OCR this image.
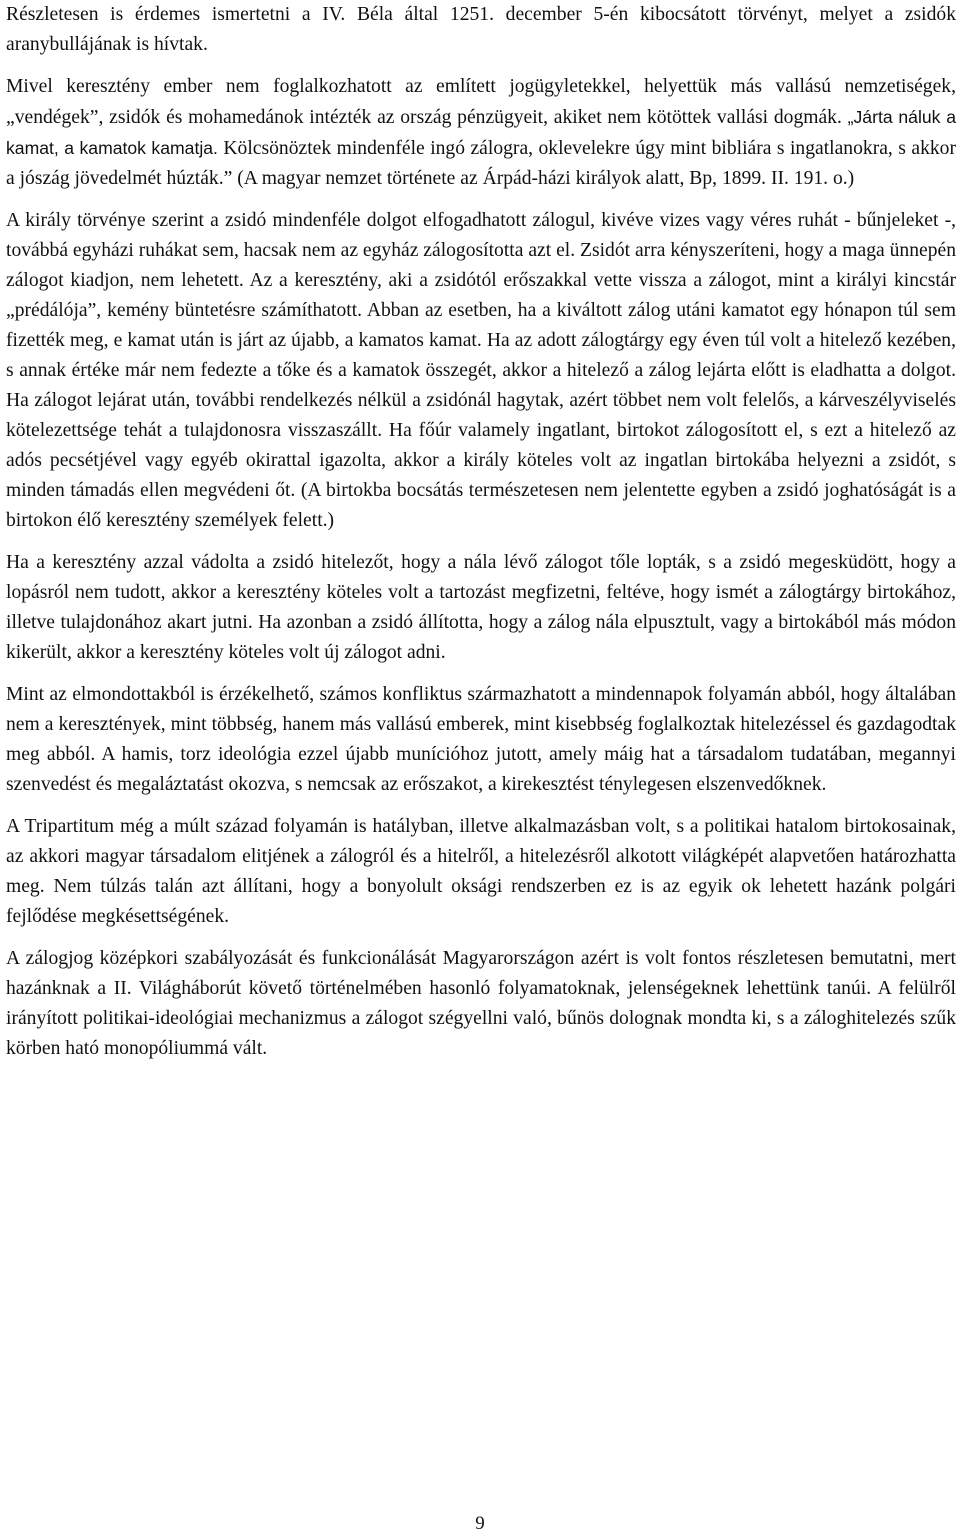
Részletesen is érdemes ismertetni a IV. Béla által 1251. december 5-én kibocsátott törvényt, melyet a zsidók aranybullájának is hívtak.

Mivel keresztény ember nem foglalkozhatott az említett jogügyletekkel, helyettük más vallású nemzetiségek, „vendégek”, zsidók és mohamedánok intézték az ország pénzügyeit, akiket nem kötöttek vallási dogmák. „Járta náluk a kamat, a kamatok kamatja. Kölcsönöztek mindenféle ingó zálogra, oklevelekre úgy mint bibliára s ingatlanokra, s akkor a jószág jövedelmét húzták.” (A magyar nemzet története az Árpád-házi királyok alatt, Bp, 1899. II. 191. o.)

A király törvénye szerint a zsidó mindenféle dolgot elfogadhatott zálogul, kivéve vizes vagy véres ruhát - bűnjeleket -, továbbá egyházi ruhákat sem, hacsak nem az egyház zálogosította azt el. Zsidót arra kényszeríteni, hogy a maga ünnepén zálogot kiadjon, nem lehetett. Az a keresztény, aki a zsidótól erőszakkal vette vissza a zálogot, mint a királyi kincstár „prédálója”, kemény büntetésre számíthatott. Abban az esetben, ha a kiváltott zálog utáni kamatot egy hónapon túl sem fizették meg, e kamat után is járt az újabb, a kamatos kamat. Ha az adott zálogtárgy egy éven túl volt a hitelező kezében, s annak értéke már nem fedezte a tőke és a kamatok összegét, akkor a hitelező a zálog lejárta előtt is eladhatta a dolgot. Ha zálogot lejárat után, további rendelkezés nélkül a zsidónál hagytak, azért többet nem volt felelős, a kárveszélyviselés kötelezettsége tehát a tulajdonosra visszaszállt. Ha főúr valamely ingatlant, birtokot zálogosított el, s ezt a hitelező az adós pecsétjével vagy egyéb okirattal igazolta, akkor a király köteles volt az ingatlan birtokába helyezni a zsidót, s minden támadás ellen megvédeni őt. (A birtokba bocsátás természetesen nem jelentette egyben a zsidó joghatóságát is a birtokon élő keresztény személyek felett.)

Ha a keresztény azzal vádolta a zsidó hitelezőt, hogy a nála lévő zálogot tőle lopták, s a zsidó megesküdött, hogy a lopásról nem tudott, akkor a keresztény köteles volt a tartozást megfizetni, feltéve, hogy ismét a zálogtárgy birtokához, illetve tulajdonához akart jutni. Ha azonban a zsidó állította, hogy a zálog nála elpusztult, vagy a birtokából más módon kikerült, akkor a keresztény köteles volt új zálogot adni.

Mint az elmondottakból is érzékelhető, számos konfliktus származhatott a mindennapok folyamán abból, hogy általában nem a keresztények, mint többség, hanem más vallású emberek, mint kisebbség foglalkoztak hitelezéssel és gazdagodtak meg abból. A hamis, torz ideológia ezzel újabb munícióhoz jutott, amely máig hat a társadalom tudatában, megannyi szenvedést és megaláztatást okozva, s nemcsak az erőszakot, a kirekesztést ténylegesen elszenvedőknek.

A Tripartitum még a múlt század folyamán is hatályban, illetve alkalmazásban volt, s a politikai hatalom birtokosainak, az akkori magyar társadalom elitjének a zálogról és a hitelről, a hitelezésről alkotott világképét alapvetően határozhatta meg. Nem túlzás talán azt állítani, hogy a bonyolult oksági rendszerben ez is az egyik ok lehetett hazánk polgári fejlődése megkésettségének.

A zálogjog középkori szabályozását és funkcionálását Magyarországon azért is volt fontos részletesen bemutatni, mert hazánknak a II. Világháborút követő történelmében hasonló folyamatoknak, jelenségeknek lehettünk tanúi. A felülről irányított politikai-ideológiai mechanizmus a zálogot szégyellni való, bűnös dolognak mondta ki, s a záloghitelezés szűk körben ható monopóliummá vált.

9
